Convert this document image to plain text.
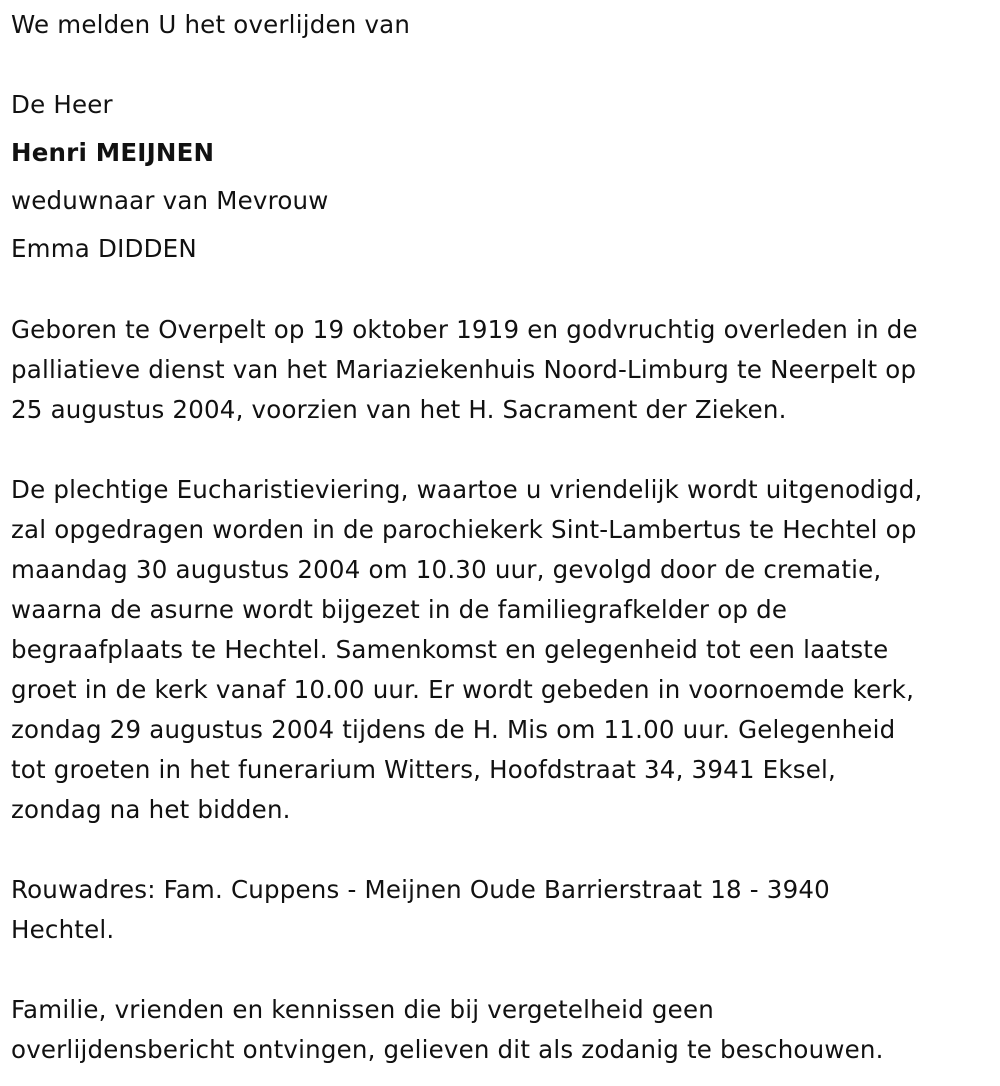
We melden U het overlijden van
De Heer
Henri MEIJNEN
weduwnaar van Mevrouw
Emma DIDDEN
Geboren te Overpelt op 19 oktober 1919 en godvruchtig overleden in de
palliatieve dienst van het Mariaziekenhuis Noord-Limburg te Neerpelt op
25 augustus 2004, voorzien van het H. Sacrament der Zieken.
De plechtige Eucharistieviering, waartoe u vriendelijk wordt uitgenodigd,
zal opgedragen worden in de parochiekerk Sint-Lambertus te Hechtel op
maandag 30 augustus 2004 om 10.30 uur, gevolgd door de crematie,
waarna de asurne wordt bijgezet in de familiegrafkelder op de
begraafplaats te Hechtel. Samenkomst en gelegenheid tot een laatste
groet in de kerk vanaf 10.00 uur. Er wordt gebeden in voornoemde kerk,
zondag 29 augustus 2004 tijdens de H. Mis om 11.00 uur. Gelegenheid
tot groeten in het funerarium Witters, Hoofdstraat 34, 3941 Eksel,
zondag na het bidden.
Rouwadres: Fam. Cuppens - Meijnen Oude Barrierstraat 18 - 3940
Hechtel.
Familie, vrienden en kennissen die bij vergetelheid geen
overlijdensbericht ontvingen, gelieven dit als zodanig te beschouwen.
